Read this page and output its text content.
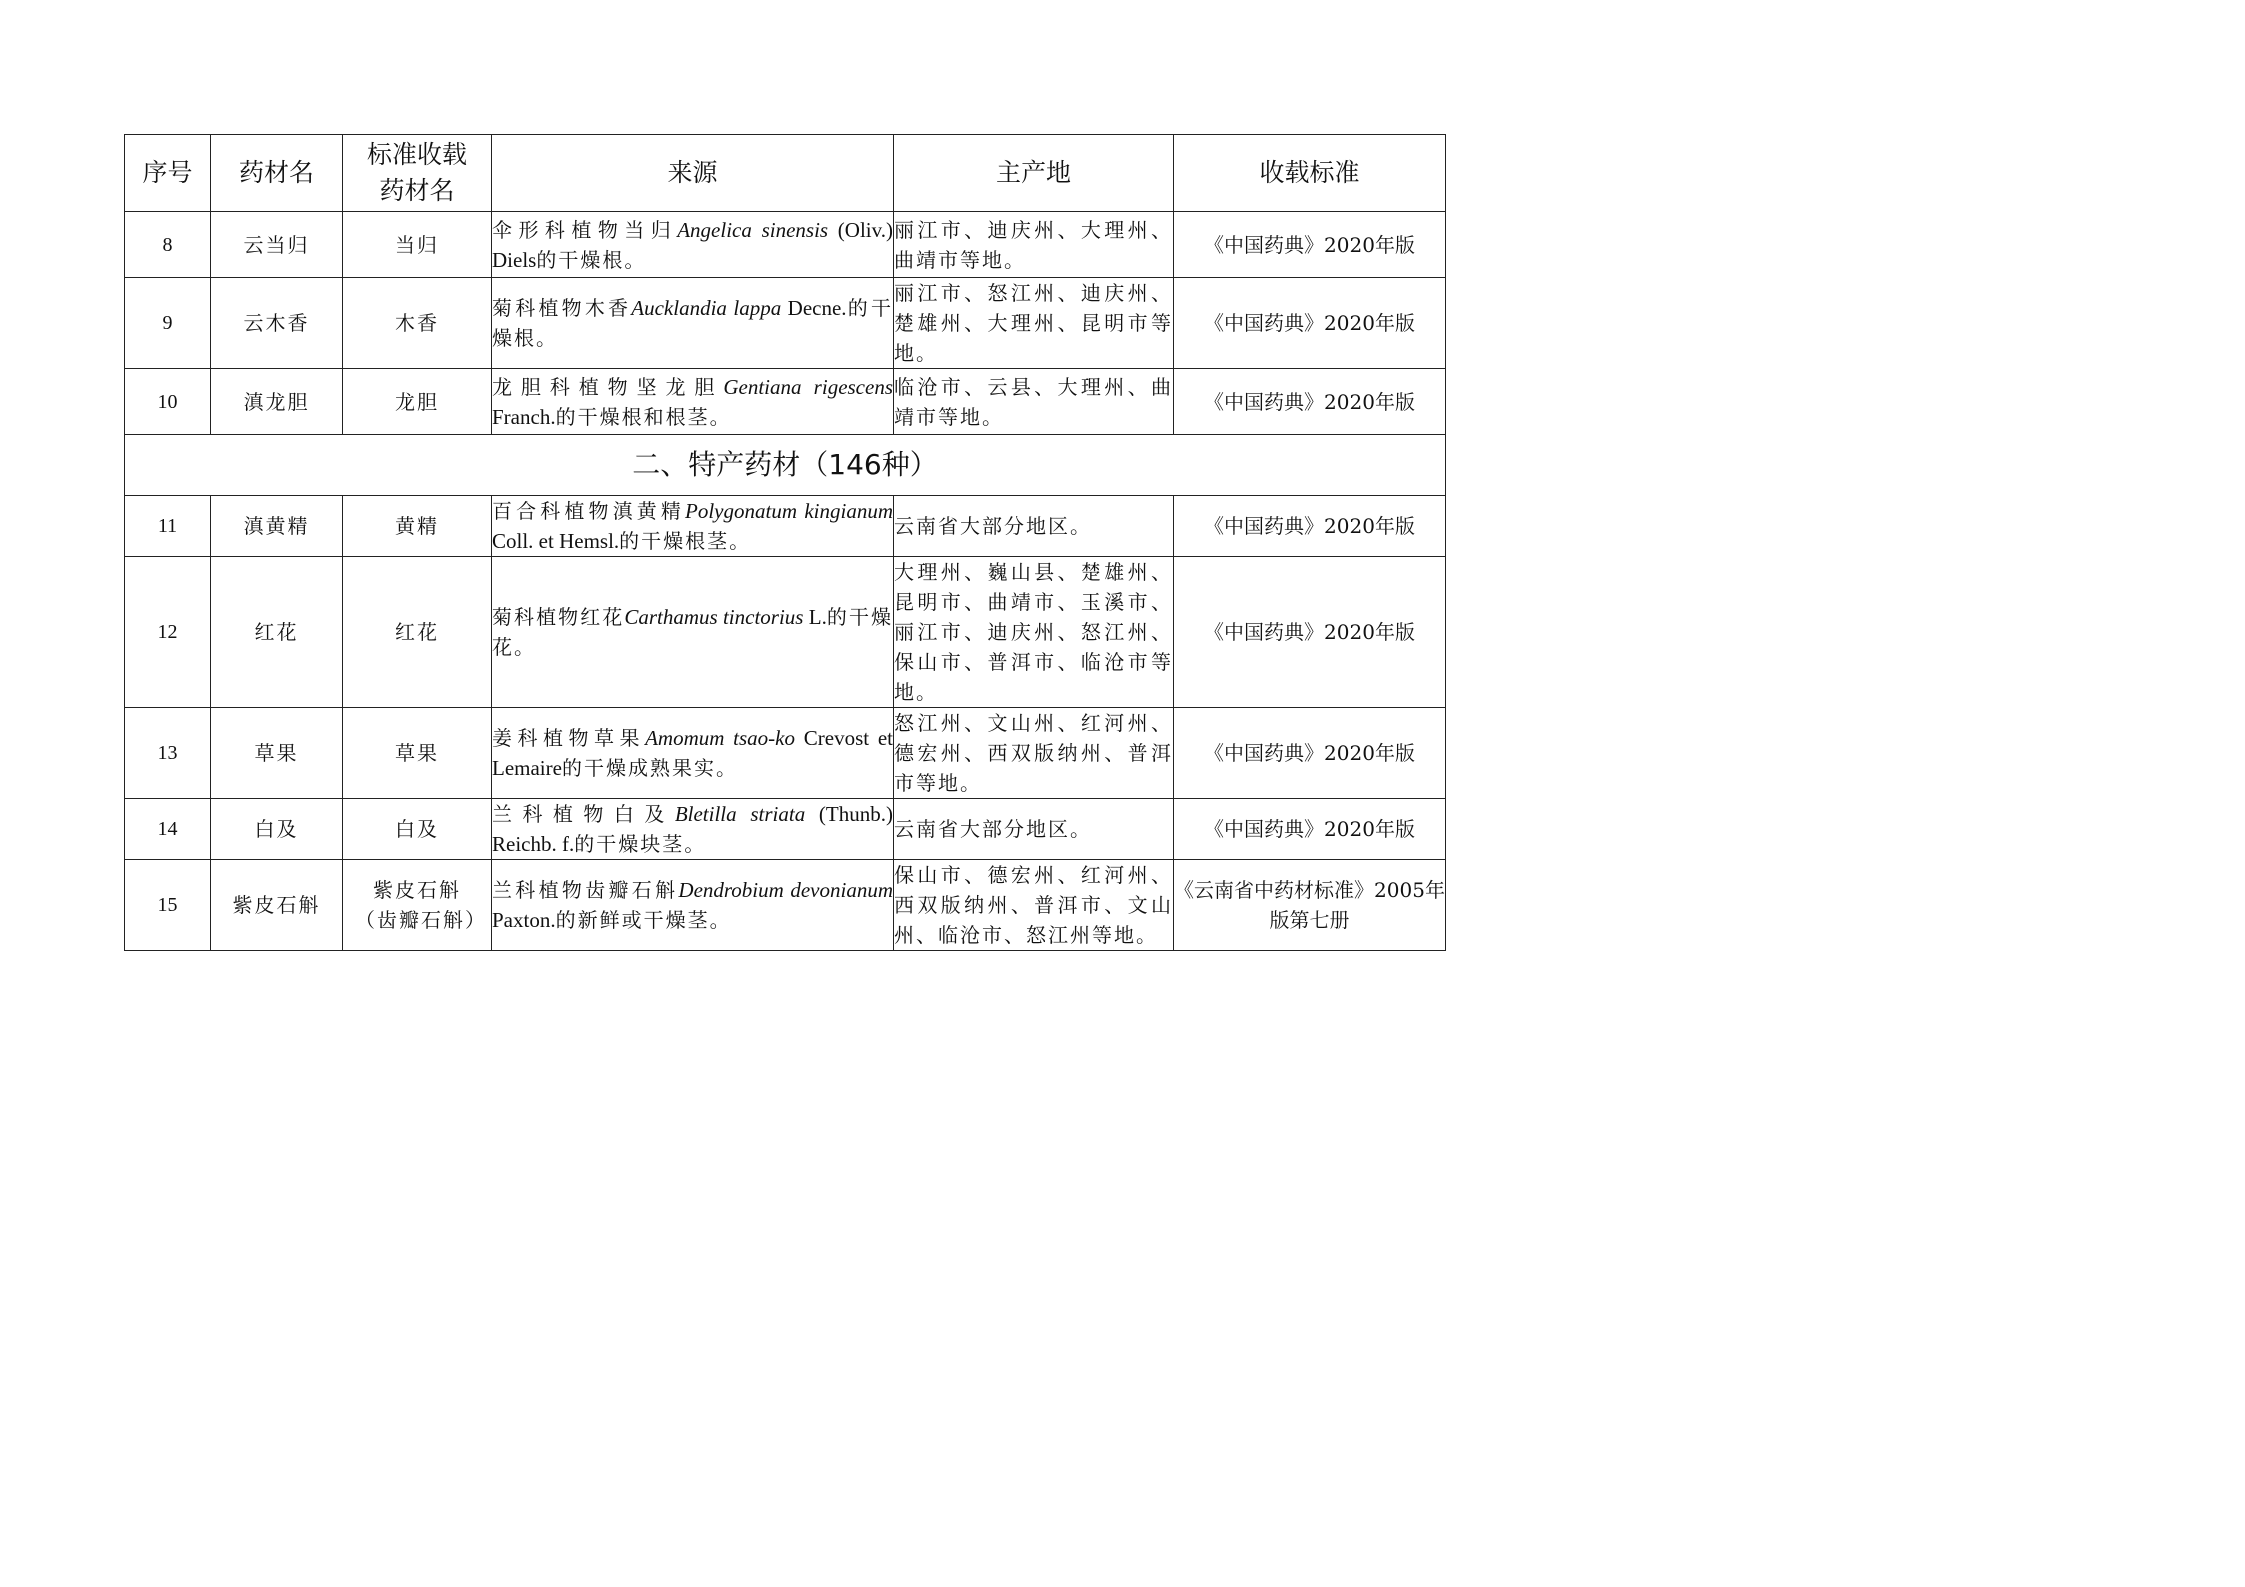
序号	药材名	标准收载药材名	来源	主产地	收载标准
8	云当归	当归	伞形科植物当归Angelica sinensis (Oliv.) Diels的干燥根。	丽江市、迪庆州、大理州、曲靖市等地。	《中国药典》2020年版
9	云木香	木香	菊科植物木香Aucklandia lappa Decne.的干燥根。	丽江市、怒江州、迪庆州、楚雄州、大理州、昆明市等地。	《中国药典》2020年版
10	滇龙胆	龙胆	龙胆科植物坚龙胆Gentiana rigescens Franch.的干燥根和根茎。	临沧市、云县、大理州、曲靖市等地。	《中国药典》2020年版
二、特产药材（146种）					
11	滇黄精	黄精	百合科植物滇黄精Polygonatum kingianum Coll. et Hemsl.的干燥根茎。	云南省大部分地区。	《中国药典》2020年版
12	红花	红花	菊科植物红花Carthamus tinctorius L.的干燥花。	大理州、巍山县、楚雄州、昆明市、曲靖市、玉溪市、丽江市、迪庆州、怒江州、保山市、普洱市、临沧市等地。	《中国药典》2020年版
13	草果	草果	姜科植物草果Amomum tsao-ko Crevost et Lemaire的干燥成熟果实。	怒江州、文山州、红河州、德宏州、西双版纳州、普洱市等地。	《中国药典》2020年版
14	白及	白及	兰科植物白及Bletilla striata (Thunb.) Reichb. f.的干燥块茎。	云南省大部分地区。	《中国药典》2020年版
15	紫皮石斛	紫皮石斛（齿瓣石斛）	兰科植物齿瓣石斛Dendrobium devonianum Paxton.的新鲜或干燥茎。	保山市、德宏州、红河州、西双版纳州、普洱市、文山州、临沧市、怒江州等地。	《云南省中药材标准》2005年版第七册
